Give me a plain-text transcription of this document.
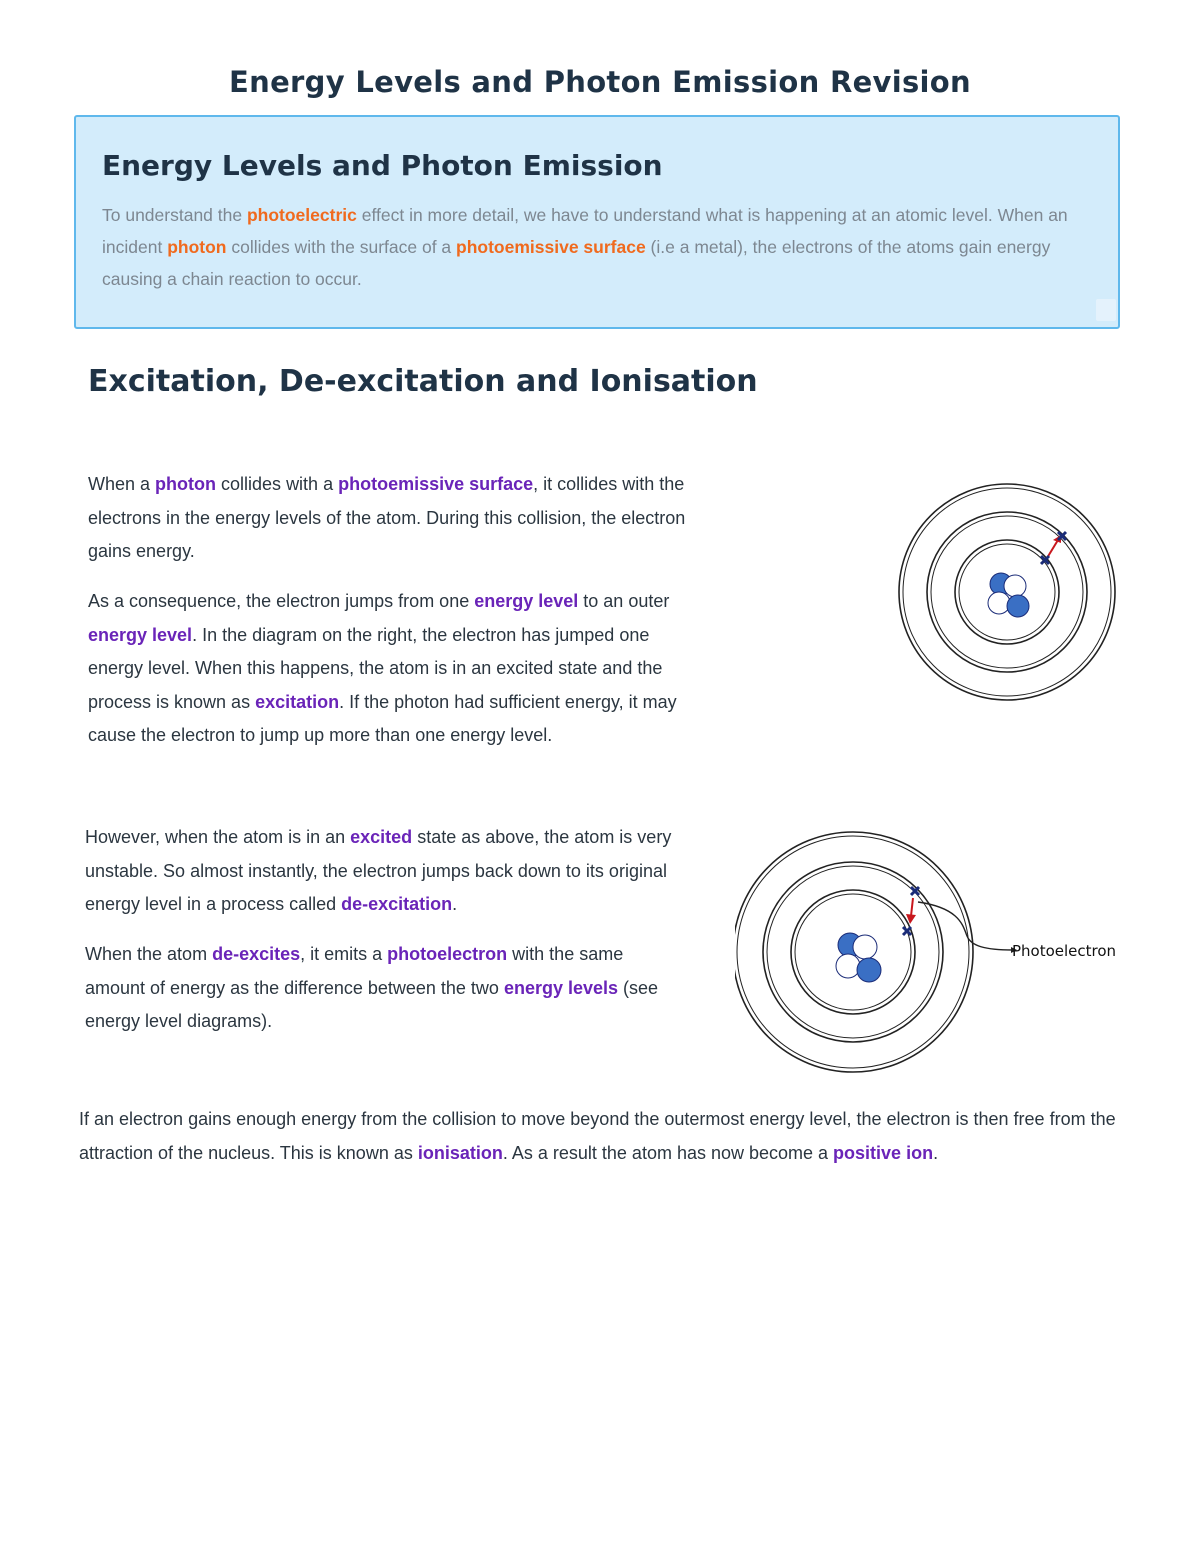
Energy Levels and Photon Emission Revision
Energy Levels and Photon Emission

To understand the photoelectric effect in more detail, we have to understand what is happening at an atomic level. When an incident photon collides with the surface of a photoemissive surface (i.e a metal), the electrons of the atoms gain energy causing a chain reaction to occur.

Excitation, De-excitation and Ionisation

When a photon collides with a photoemissive surface, it collides with the electrons in the energy levels of the atom. During this collision, the electron gains energy.

As a consequence, the electron jumps from one energy level to an outer energy level. In the diagram on the right, the electron has jumped one energy level. When this happens, the atom is in an excited state and the process is known as excitation. If the photon had sufficient energy, it may cause the electron to jump up more than one energy level.

However, when the atom is in an excited state as above, the atom is very unstable. So almost instantly, the electron jumps back down to its original energy level in a process called de-excitation.

When the atom de-excites, it emits a photoelectron with the same amount of energy as the difference between the two energy levels (see energy level diagrams).

Photoelectron

If an electron gains enough energy from the collision to move beyond the outermost energy level, the electron is then free from the attraction of the nucleus. This is known as ionisation. As a result the atom has now become a positive ion.
